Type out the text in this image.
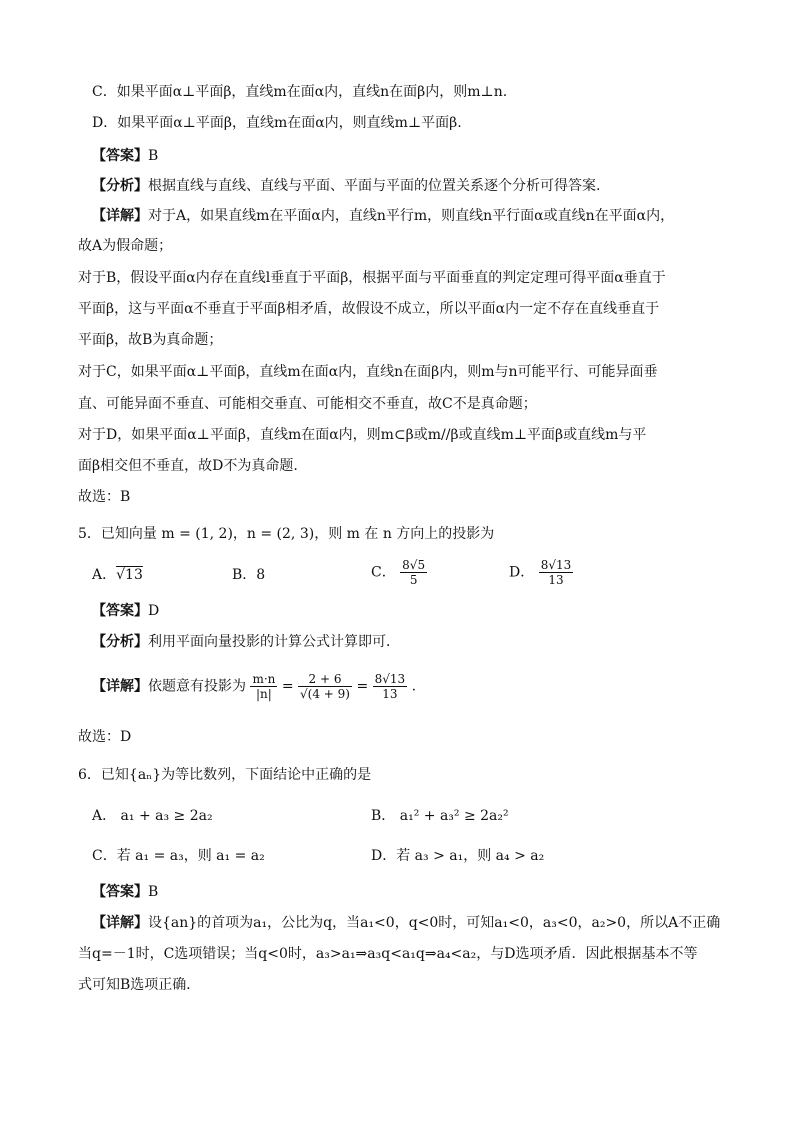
C．如果平面α⊥平面β，直线m在面α内，直线n在面β内，则m⊥n.
D．如果平面α⊥平面β，直线m在面α内，则直线m⊥平面β.
【答案】B
【分析】根据直线与直线、直线与平面、平面与平面的位置关系逐个分析可得答案.
【详解】对于A，如果直线m在平面α内，直线n平行m，则直线n平行面α或直线n在平面α内，
故A为假命题；
对于B，假设平面α内存在直线l垂直于平面β，根据平面与平面垂直的判定定理可得平面α垂直于
平面β，这与平面α不垂直于平面β相矛盾，故假设不成立，所以平面α内一定不存在直线垂直于
平面β，故B为真命题；
对于C，如果平面α⊥平面β，直线m在面α内，直线n在面β内，则m与n可能平行、可能异面垂
直、可能异面不垂直、可能相交垂直、可能相交不垂直，故C不是真命题；
对于D，如果平面α⊥平面β，直线m在面α内，则m⊂β或m//β或直线m⊥平面β或直线m与平
面β相交但不垂直，故D不为真命题.
故选：B
5．已知向量 m = (1, 2)，n = (2, 3)，则 m 在 n 方向上的投影为
A．√13	B．8	C． $\frac{8√5}{5}$	D． $\frac{8√13}{13}$
【答案】D
【分析】利用平面向量投影的计算公式计算即可．
【详解】依题意有投影为 $\frac{m\cdot n}{|n|} = \frac{2 + 6}{√(4 + 9)} = \frac{8√13}{13}$ .
故选：D
6．已知{aₙ}为等比数列，下面结论中正确的是
A． a₁ + a₃ ≥ 2a₂	B． a₁² + a₃² ≥ 2a₂²
C．若 a₁ = a₃，则 a₁ = a₂	D．若 a₃ > a₁，则 a₄ > a₂
【答案】B
【详解】设{an}的首项为a₁，公比为q，当a₁<0，q<0时，可知a₁<0，a₃<0，a₂>0，所以A不正确
当q=－1时，C选项错误；当q<0时，a₃>a₁⇒a₃q<a₁q⇒a₄<a₂，与D选项矛盾．因此根据基本不等
式可知B选项正确．
